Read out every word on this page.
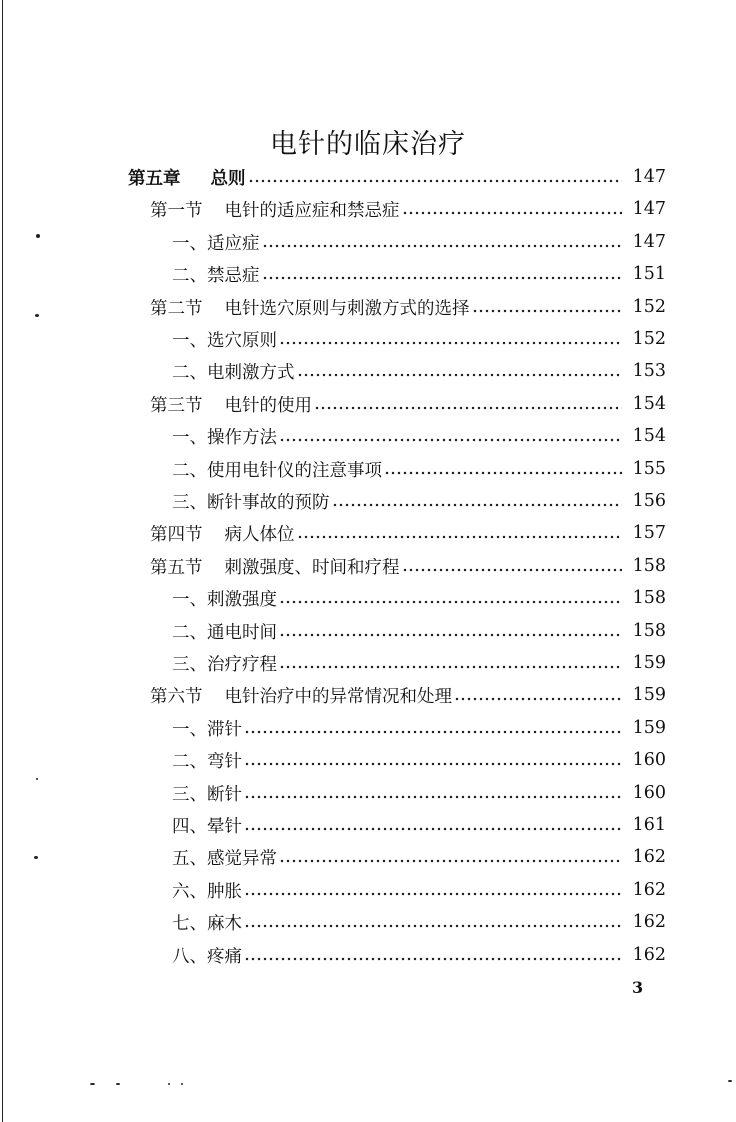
电针的临床治疗
第五章 总则	147
第一节 电针的适应症和禁忌症	147
一、适应症	147
二、禁忌症	151
第二节 电针选穴原则与刺激方式的选择	152
一、选穴原则	152
二、电刺激方式	153
第三节 电针的使用	154
一、操作方法	154
二、使用电针仪的注意事项	155
三、断针事故的预防	156
第四节 病人体位	157
第五节 刺激强度、时间和疗程	158
一、刺激强度	158
二、通电时间	158
三、治疗疗程	159
第六节 电针治疗中的异常情况和处理	159
一、滞针	159
二、弯针	160
三、断针	160
四、晕针	161
五、感觉异常	162
六、肿胀	162
七、麻木	162
八、疼痛	162
3
